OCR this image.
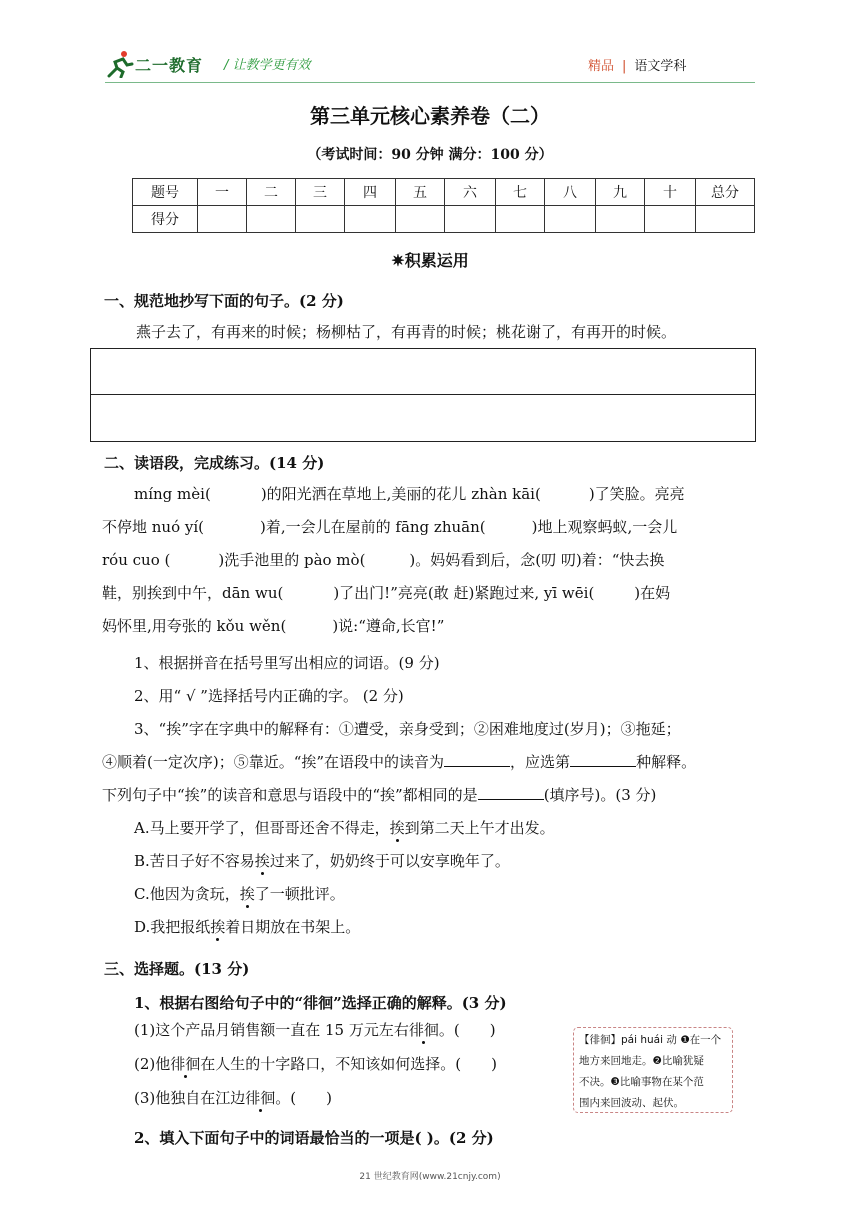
二一教育 / 让教学更有效	精品 | 语文学科
第三单元核心素养卷（二）
（考试时间：90 分钟 满分：100 分）
题号	一	二	三	四	五	六	七	八	九	十	总分
得分											
✷积累运用
一、规范地抄写下面的句子。(2 分)
燕子去了，有再来的时候；杨柳枯了，有再青的时候；桃花谢了，有再开的时候。
二、读语段，完成练习。(14 分)
míng mèi(	)的阳光洒在草地上,美丽的花儿 zhàn kāi(	)了笑脸。亮亮
不停地 nuó yí(	)着,一会儿在屋前的 fāng zhuān(	)地上观察蚂蚁,一会儿
róu cuo (	)洗手池里的 pào mò(	)。妈妈看到后，念(叨 叨)着：“快去换
鞋，别挨到中午，dān wu(	)了出门!”亮亮(敢 赶)紧跑过来, yī wēi(	)在妈
妈怀里,用夸张的 kǒu wěn(	)说:“遵命,长官!”
1、根据拼音在括号里写出相应的词语。(9 分)
2、用“ √ ”选择括号内正确的字。 (2 分)
3、“挨”字在字典中的解释有：①遭受，亲身受到；②困难地度过(岁月)；③拖延；
④顺着(一定次序)；⑤靠近。“挨”在语段中的读音为	，应选第	种解释。
下列句子中“挨”的读音和意思与语段中的“挨”都相同的是	(填序号)。(3 分)
A.马上要开学了，但哥哥还舍不得走，挨到第二天上午才出发。
B.苦日子好不容易挨过来了，奶奶终于可以安享晚年了。
C.他因为贪玩，挨了一顿批评。
D.我把报纸挨着日期放在书架上。
三、选择题。(13 分)
1、根据右图给句子中的“徘徊”选择正确的解释。(3 分)
(1)这个产品月销售额一直在 15 万元左右徘徊。( )
(2)他徘徊在人生的十字路口，不知该如何选择。( )
(3)他独自在江边徘徊。( )
【徘徊】pái huái 动 ❶在一个
地方来回地走。❷比喻犹疑
不决。❸比喻事物在某个范
围内来回波动、起伏。
2、填入下面句子中的词语最恰当的一项是( )。(2 分)
21 世纪教育网(www.21cnjy.com)
